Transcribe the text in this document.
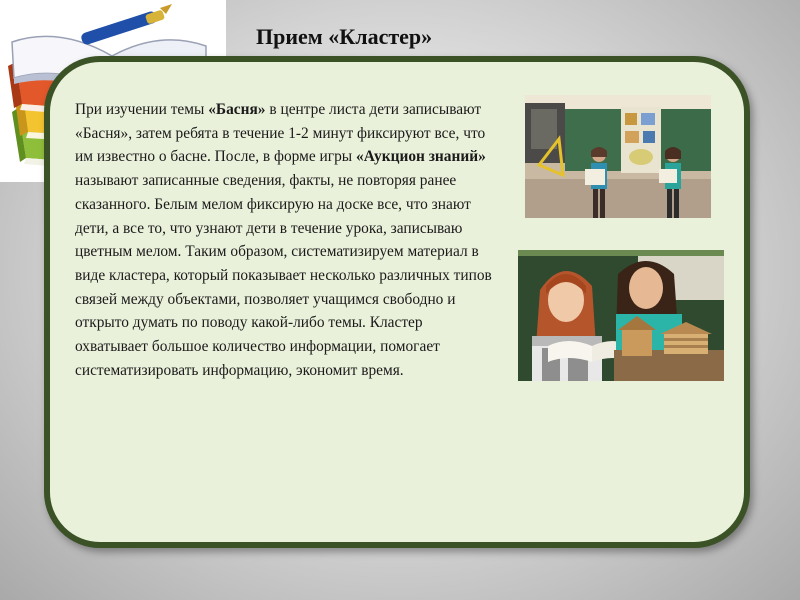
Прием «Кластер»
При изучении темы «Басня» в центре листа дети записывают «Басня», затем ребята в течение 1-2 минут фиксируют все, что им известно о басне. После, в форме игры «Аукцион знаний» называют записанные сведения, факты, не повторяя ранее сказанного. Белым мелом фиксирую на доске все, что знают дети, а все то, что узнают дети в течение урока, записываю цветным мелом. Таким образом, систематизируем материал в виде кластера, который показывает несколько различных типов связей между объектами, позволяет учащимся свободно и открыто думать по поводу какой-либо темы. Кластер охватывает большое количество информации, помогает систематизировать информацию, экономит время.
